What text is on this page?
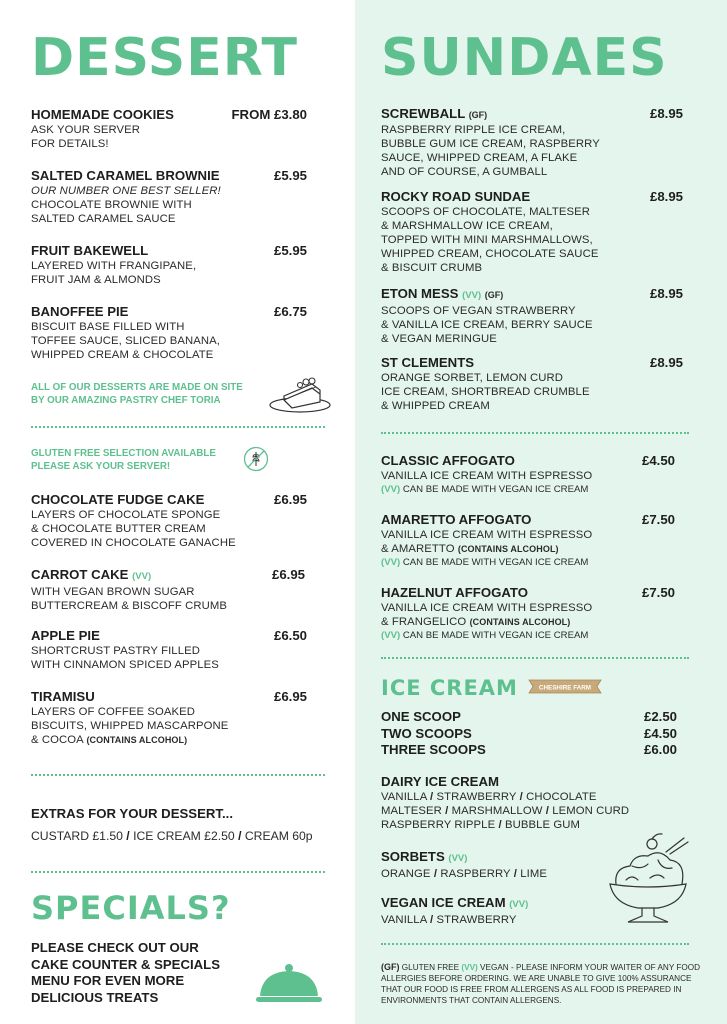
DESSERT
HOMEMADE COOKIES	FROM £3.80
ASK YOUR SERVER
FOR DETAILS!
SALTED CARAMEL BROWNIE	£5.95
OUR NUMBER ONE BEST SELLER!
CHOCOLATE BROWNIE WITH
SALTED CARAMEL SAUCE
FRUIT BAKEWELL	£5.95
LAYERED WITH FRANGIPANE,
FRUIT JAM & ALMONDS
BANOFFEE PIE	£6.75
BISCUIT BASE FILLED WITH
TOFFEE SAUCE, SLICED BANANA,
WHIPPED CREAM & CHOCOLATE
ALL OF OUR DESSERTS ARE MADE ON SITE
BY OUR AMAZING PASTRY CHEF TORIA
GLUTEN FREE SELECTION AVAILABLE
PLEASE ASK YOUR SERVER!
CHOCOLATE FUDGE CAKE	£6.95
LAYERS OF CHOCOLATE SPONGE
& CHOCOLATE BUTTER CREAM
COVERED IN CHOCOLATE GANACHE
CARROT CAKE (VV)	£6.95
WITH VEGAN BROWN SUGAR
BUTTERCREAM & BISCOFF CRUMB
APPLE PIE	£6.50
SHORTCRUST PASTRY FILLED
WITH CINNAMON SPICED APPLES
TIRAMISU	£6.95
LAYERS OF COFFEE SOAKED
BISCUITS, WHIPPED MASCARPONE
& COCOA (CONTAINS ALCOHOL)
EXTRAS FOR YOUR DESSERT...
CUSTARD £1.50 / ICE CREAM £2.50 / CREAM 60p
SPECIALS?
PLEASE CHECK OUT OUR
CAKE COUNTER & SPECIALS
MENU FOR EVEN MORE
DELICIOUS TREATS
SUNDAES
SCREWBALL (GF)	£8.95
RASPBERRY RIPPLE ICE CREAM,
BUBBLE GUM ICE CREAM, RASPBERRY
SAUCE, WHIPPED CREAM, A FLAKE
AND OF COURSE, A GUMBALL
ROCKY ROAD SUNDAE	£8.95
SCOOPS OF CHOCOLATE, MALTESER
& MARSHMALLOW ICE CREAM,
TOPPED WITH MINI MARSHMALLOWS,
WHIPPED CREAM, CHOCOLATE SAUCE
& BISCUIT CRUMB
ETON MESS (VV) (GF)	£8.95
SCOOPS OF VEGAN STRAWBERRY
& VANILLA ICE CREAM, BERRY SAUCE
& VEGAN MERINGUE
ST CLEMENTS	£8.95
ORANGE SORBET, LEMON CURD
ICE CREAM, SHORTBREAD CRUMBLE
& WHIPPED CREAM
CLASSIC AFFOGATO	£4.50
VANILLA ICE CREAM WITH ESPRESSO
(VV) CAN BE MADE WITH VEGAN ICE CREAM
AMARETTO AFFOGATO	£7.50
VANILLA ICE CREAM WITH ESPRESSO
& AMARETTO (CONTAINS ALCOHOL)
(VV) CAN BE MADE WITH VEGAN ICE CREAM
HAZELNUT AFFOGATO	£7.50
VANILLA ICE CREAM WITH ESPRESSO
& FRANGELICO (CONTAINS ALCOHOL)
(VV) CAN BE MADE WITH VEGAN ICE CREAM
ICE CREAM	CHESHIRE FARM
ONE SCOOP	£2.50
TWO SCOOPS	£4.50
THREE SCOOPS	£6.00
DAIRY ICE CREAM
VANILLA / STRAWBERRY / CHOCOLATE
MALTESER / MARSHMALLOW / LEMON CURD
RASPBERRY RIPPLE / BUBBLE GUM
SORBETS (VV)
ORANGE / RASPBERRY / LIME
VEGAN ICE CREAM (VV)
VANILLA / STRAWBERRY
(GF) GLUTEN FREE (VV) VEGAN - PLEASE INFORM YOUR WAITER OF ANY FOOD ALLERGIES BEFORE ORDERING. WE ARE UNABLE TO GIVE 100% ASSURANCE THAT OUR FOOD IS FREE FROM ALLERGENS AS ALL FOOD IS PREPARED IN ENVIRONMENTS THAT CONTAIN ALLERGENS.
